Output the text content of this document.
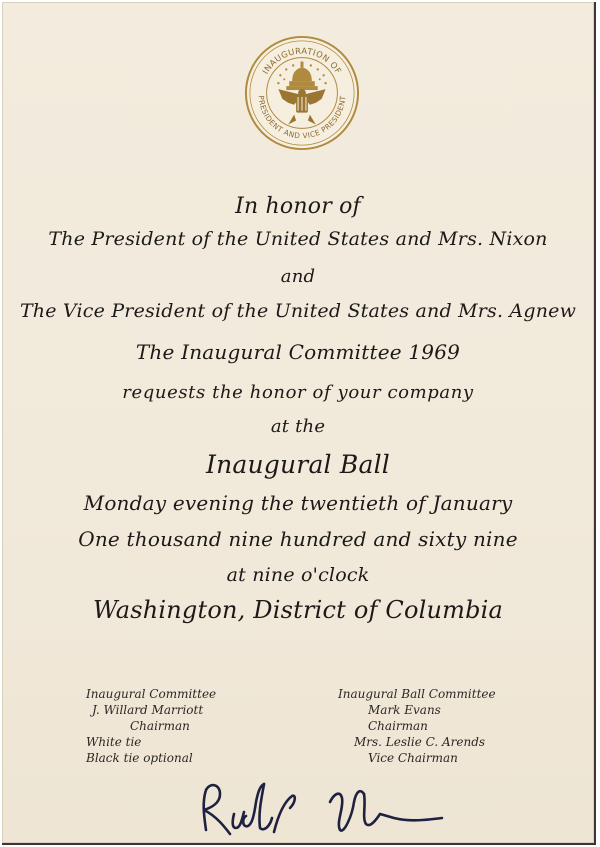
INAUGURATION OF
PRESIDENT AND VICE PRESIDENT
In honor of
The President of the United States and Mrs. Nixon
and
The Vice President of the United States and Mrs. Agnew
The Inaugural Committee 1969
requests the honor of your company
at the
Inaugural Ball
Monday evening the twentieth of January
One thousand nine hundred and sixty nine
at nine o'clock
Washington, District of Columbia
Inaugural Committee
J. Willard Marriott
Chairman
White tie
Black tie optional
Inaugural Ball Committee
Mark Evans
Chairman
Mrs. Leslie C. Arends
Vice Chairman
